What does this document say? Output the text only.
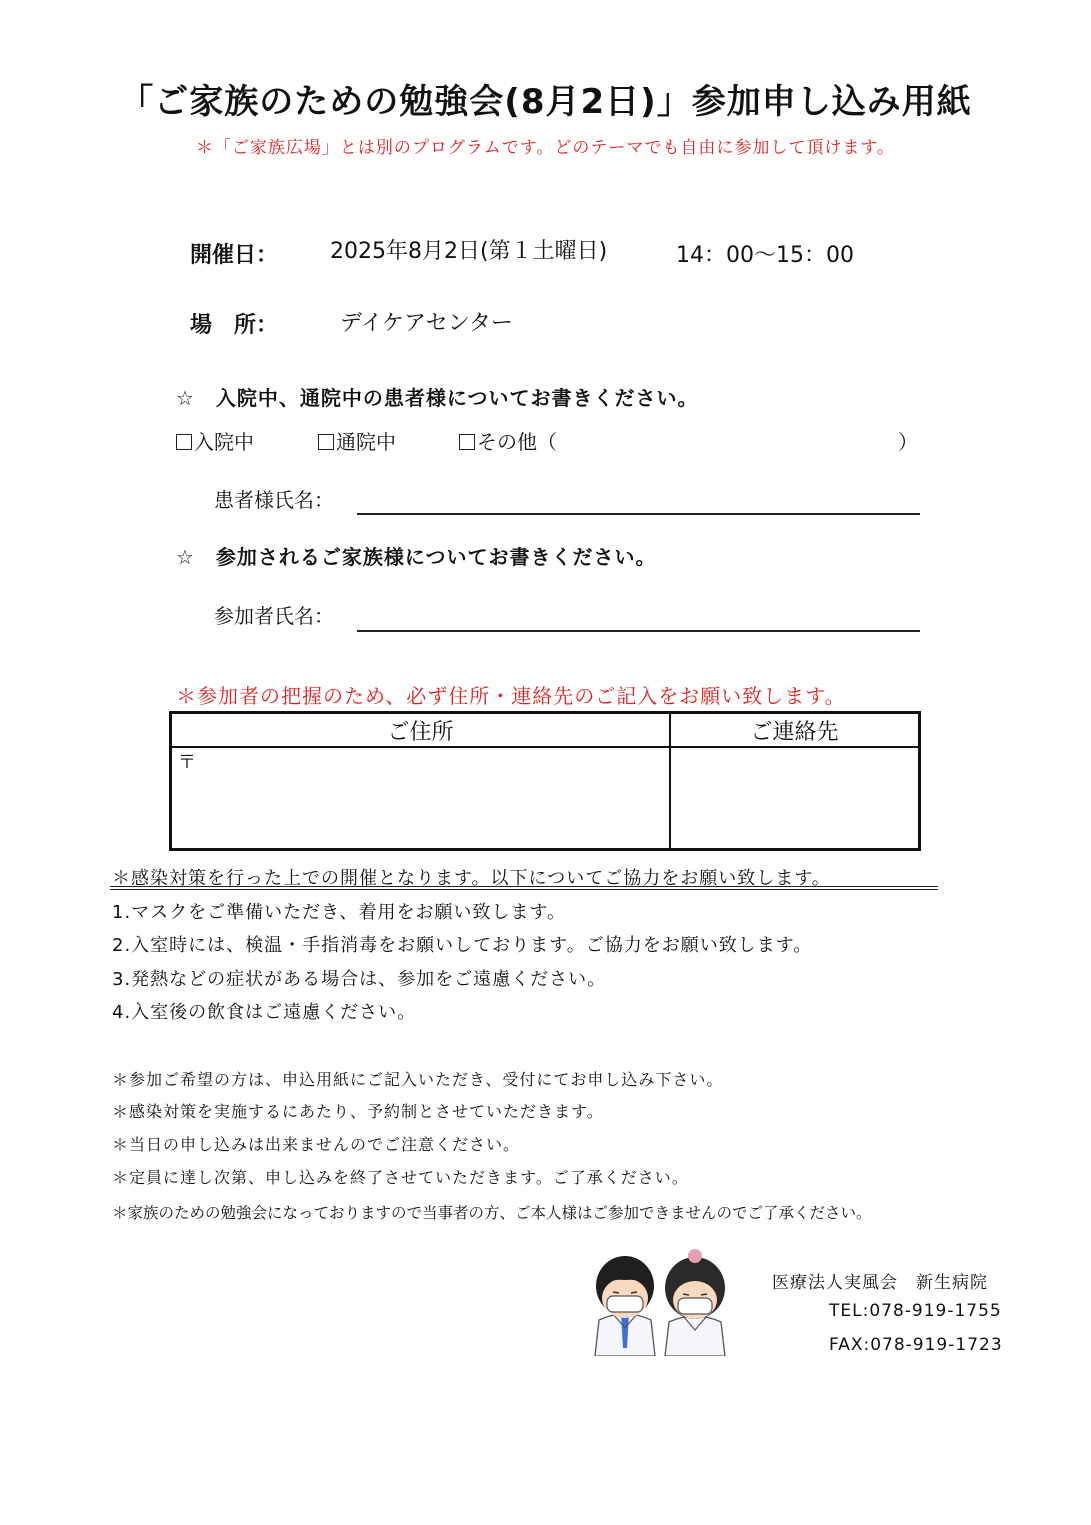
「ご家族のための勉強会(8月2日)」参加申し込み用紙
＊「ご家族広場」とは別のプログラムです。どのテーマでも自由に参加して頂けます。
開催日： 2025年8月2日(第１土曜日)	14：00～15：00
場　所：	デイケアセンター
☆　入院中、通院中の患者様についてお書きください。
入院中	通院中	その他（	）
患者様氏名：
☆　参加されるご家族様についてお書きください。
参加者氏名：
＊参加者の把握のため、必ず住所・連絡先のご記入をお願い致します。
ご住所	ご連絡先
〒	
＊感染対策を行った上での開催となります。以下についてご協力をお願い致します。
1.マスクをご準備いただき、着用をお願い致します。
2.入室時には、検温・手指消毒をお願いしております。ご協力をお願い致します。
3.発熱などの症状がある場合は、参加をご遠慮ください。
4.入室後の飲食はご遠慮ください。
＊参加ご希望の方は、申込用紙にご記入いただき、受付にてお申し込み下さい。
＊感染対策を実施するにあたり、予約制とさせていただきます。
＊当日の申し込みは出来ませんのでご注意ください。
＊定員に達し次第、申し込みを終了させていただきます。ご了承ください。
＊家族のための勉強会になっておりますので当事者の方、ご本人様はご参加できませんのでご了承ください。
医療法人実風会　新生病院
TEL:078-919-1755
FAX:078-919-1723
